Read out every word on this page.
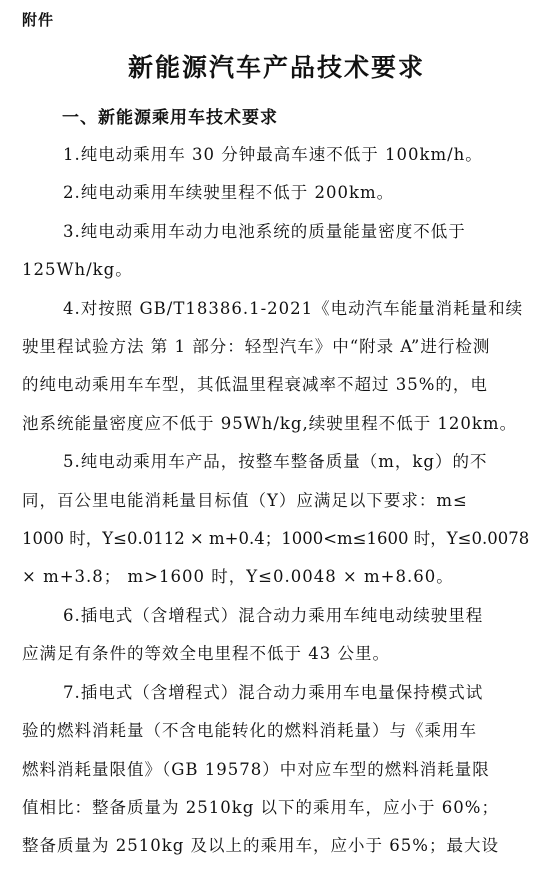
附件
新能源汽车产品技术要求
一、新能源乘用车技术要求
1.纯电动乘用车 30 分钟最高车速不低于 100km/h。
2.纯电动乘用车续驶里程不低于 200km。
3.纯电动乘用车动力电池系统的质量能量密度不低于
125Wh/kg。
4.对按照 GB/T18386.1-2021《电动汽车能量消耗量和续
驶里程试验方法 第 1 部分：轻型汽车》中“附录 A”进行检测
的纯电动乘用车车型，其低温里程衰减率不超过 35%的，电
池系统能量密度应不低于 95Wh/kg,续驶里程不低于 120km。
5.纯电动乘用车产品，按整车整备质量（m，kg）的不
同，百公里电能消耗量目标值（Y）应满足以下要求：m≤
1000 时，Y≤0.0112 × m+0.4；1000<m≤1600 时，Y≤0.0078
× m+3.8； m>1600 时，Y≤0.0048 × m+8.60。
6.插电式（含增程式）混合动力乘用车纯电动续驶里程
应满足有条件的等效全电里程不低于 43 公里。
7.插电式（含增程式）混合动力乘用车电量保持模式试
验的燃料消耗量（不含电能转化的燃料消耗量）与《乘用车
燃料消耗量限值》（GB 19578）中对应车型的燃料消耗量限
值相比：整备质量为 2510kg 以下的乘用车，应小于 60%；
整备质量为 2510kg 及以上的乘用车，应小于 65%；最大设
